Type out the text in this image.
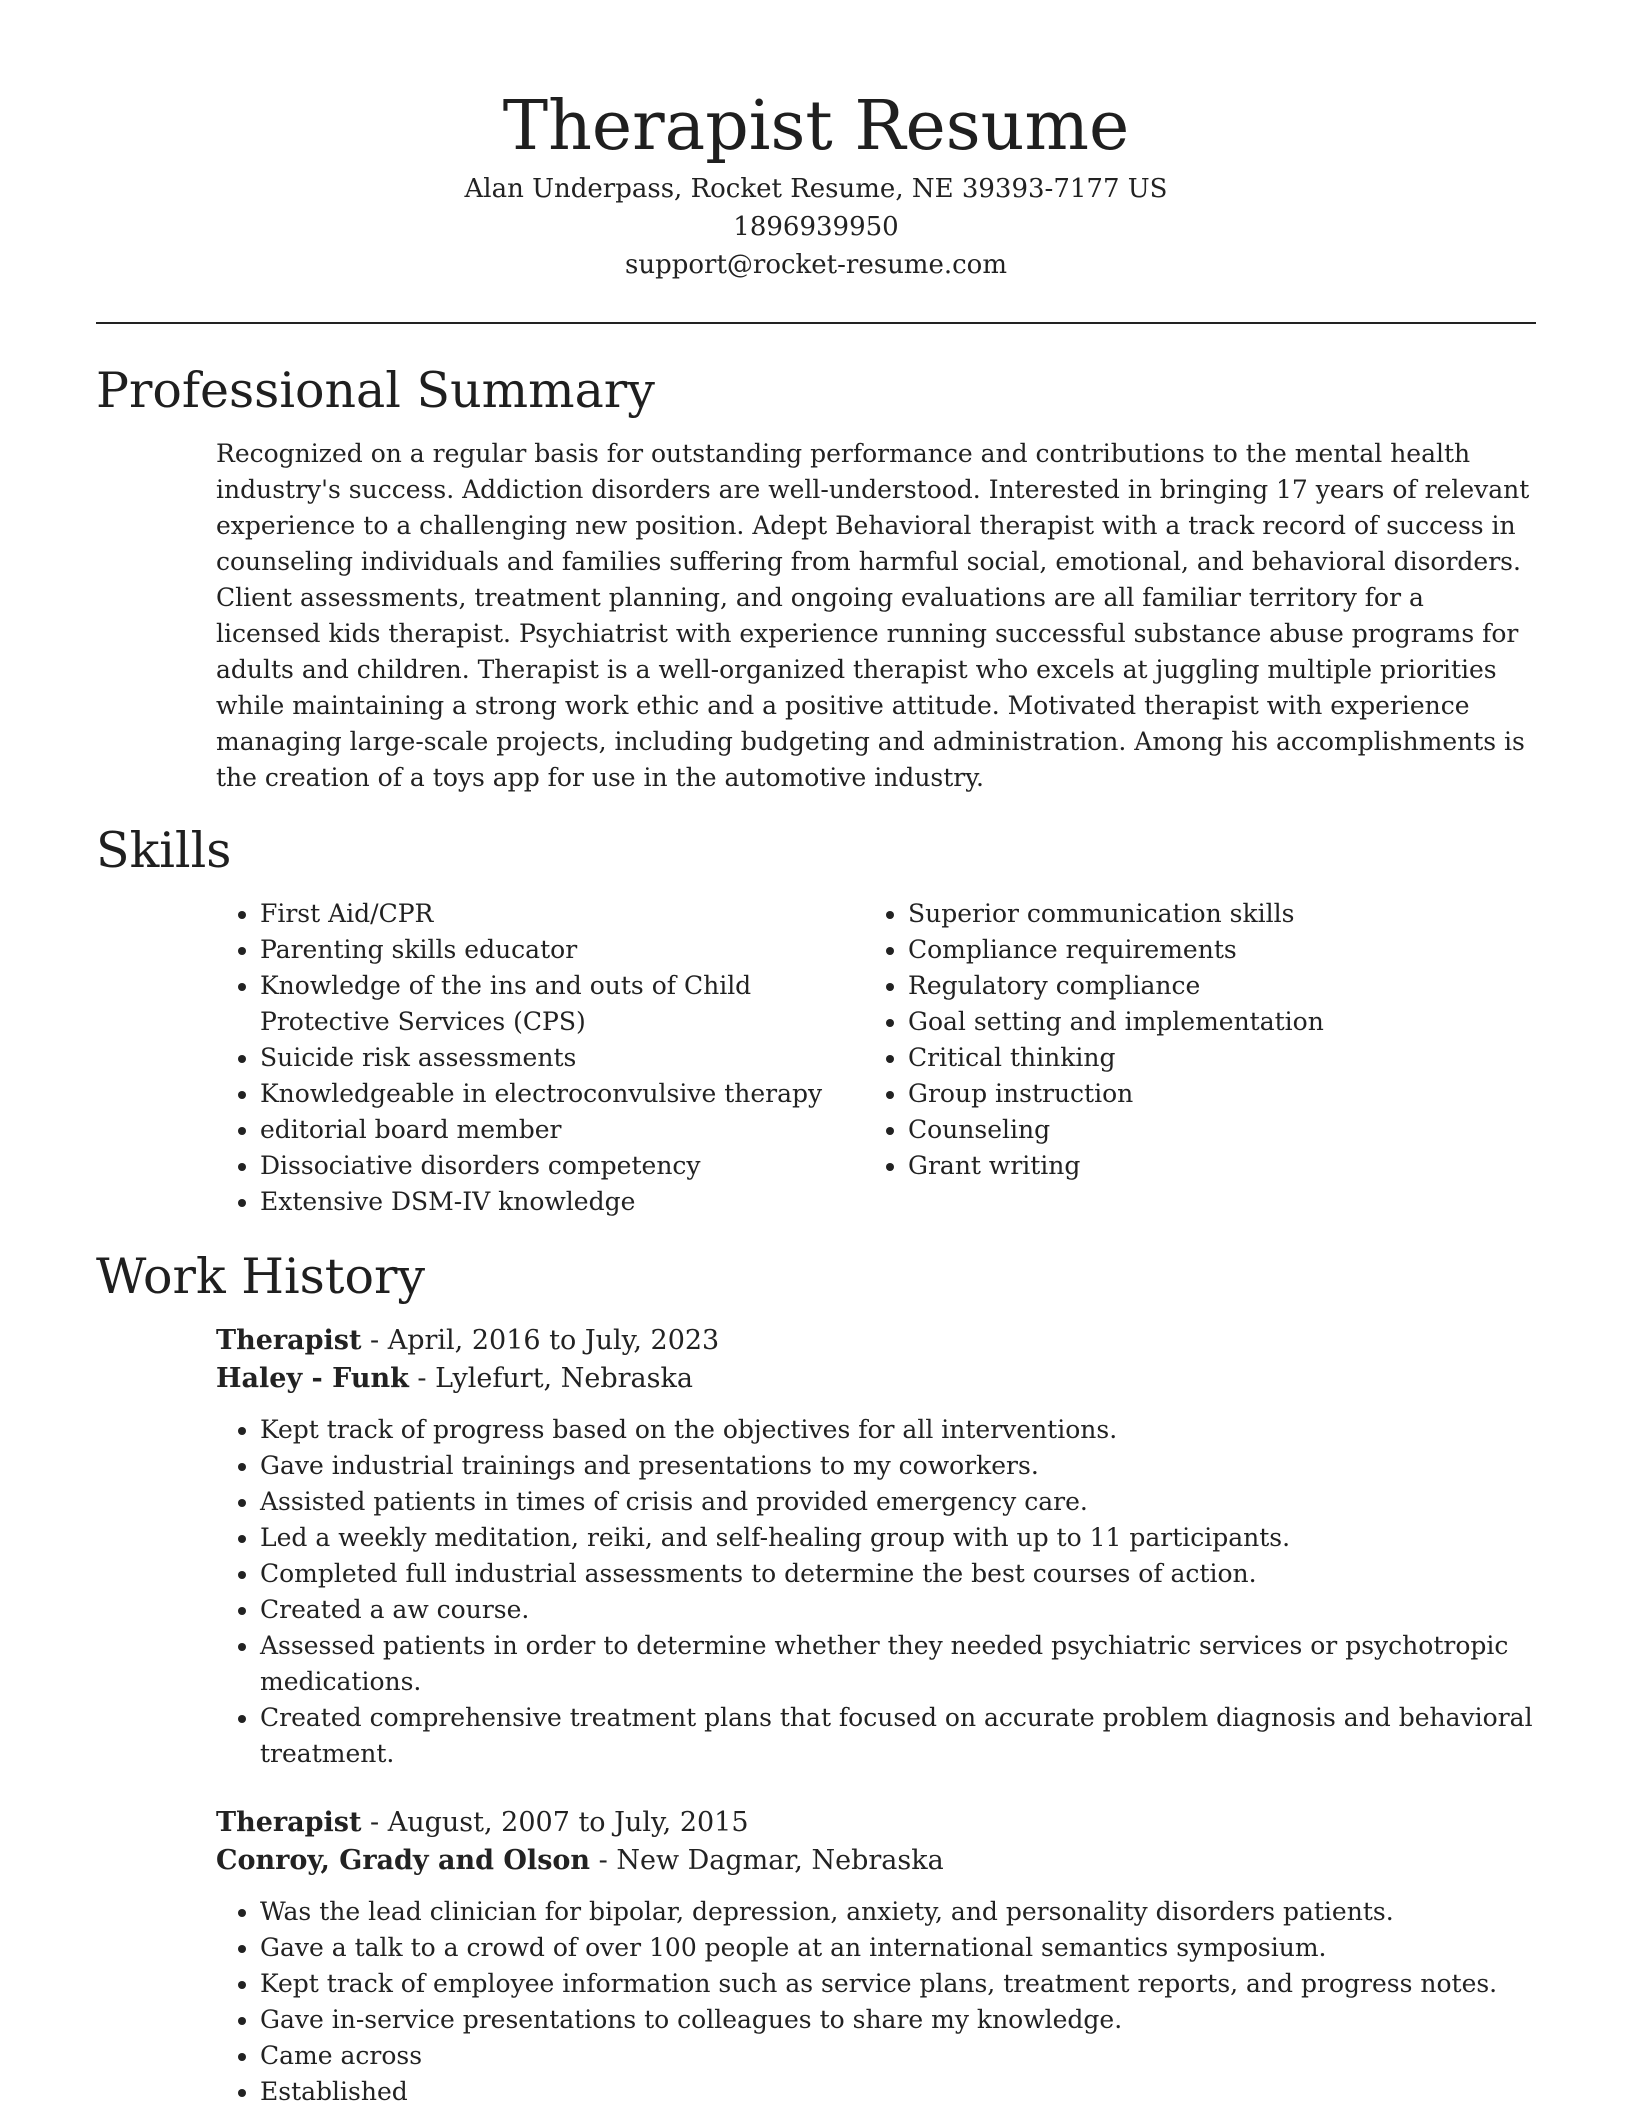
Therapist Resume
Alan Underpass, Rocket Resume, NE 39393-7177 US
1896939950
support@rocket-resume.com
Professional Summary

Recognized on a regular basis for outstanding performance and contributions to the mental health industry's success. Addiction disorders are well-understood. Interested in bringing 17 years of relevant experience to a challenging new position. Adept Behavioral therapist with a track record of success in counseling individuals and families suffering from harmful social, emotional, and behavioral disorders. Client assessments, treatment planning, and ongoing evaluations are all familiar territory for a licensed kids therapist. Psychiatrist with experience running successful substance abuse programs for adults and children. Therapist is a well-organized therapist who excels at juggling multiple priorities while maintaining a strong work ethic and a positive attitude. Motivated therapist with experience managing large-scale projects, including budgeting and administration. Among his accomplishments is the creation of a toys app for use in the automotive industry.

Skills
• First Aid/CPR
• Parenting skills educator
• Knowledge of the ins and outs of Child Protective Services (CPS)
• Suicide risk assessments
• Knowledgeable in electroconvulsive therapy
• editorial board member
• Dissociative disorders competency
• Extensive DSM-IV knowledge
• Superior communication skills
• Compliance requirements
• Regulatory compliance
• Goal setting and implementation
• Critical thinking
• Group instruction
• Counseling
• Grant writing
Work History
Therapist - April, 2016 to July, 2023
Haley - Funk - Lylefurt, Nebraska
• Kept track of progress based on the objectives for all interventions.
• Gave industrial trainings and presentations to my coworkers.
• Assisted patients in times of crisis and provided emergency care.
• Led a weekly meditation, reiki, and self-healing group with up to 11 participants.
• Completed full industrial assessments to determine the best courses of action.
• Created a aw course.
• Assessed patients in order to determine whether they needed psychiatric services or psychotropic medications.
• Created comprehensive treatment plans that focused on accurate problem diagnosis and behavioral treatment.
Therapist - August, 2007 to July, 2015
Conroy, Grady and Olson - New Dagmar, Nebraska
• Was the lead clinician for bipolar, depression, anxiety, and personality disorders patients.
• Gave a talk to a crowd of over 100 people at an international semantics symposium.
• Kept track of employee information such as service plans, treatment reports, and progress notes.
• Gave in-service presentations to colleagues to share my knowledge.
• Came across
• Established
